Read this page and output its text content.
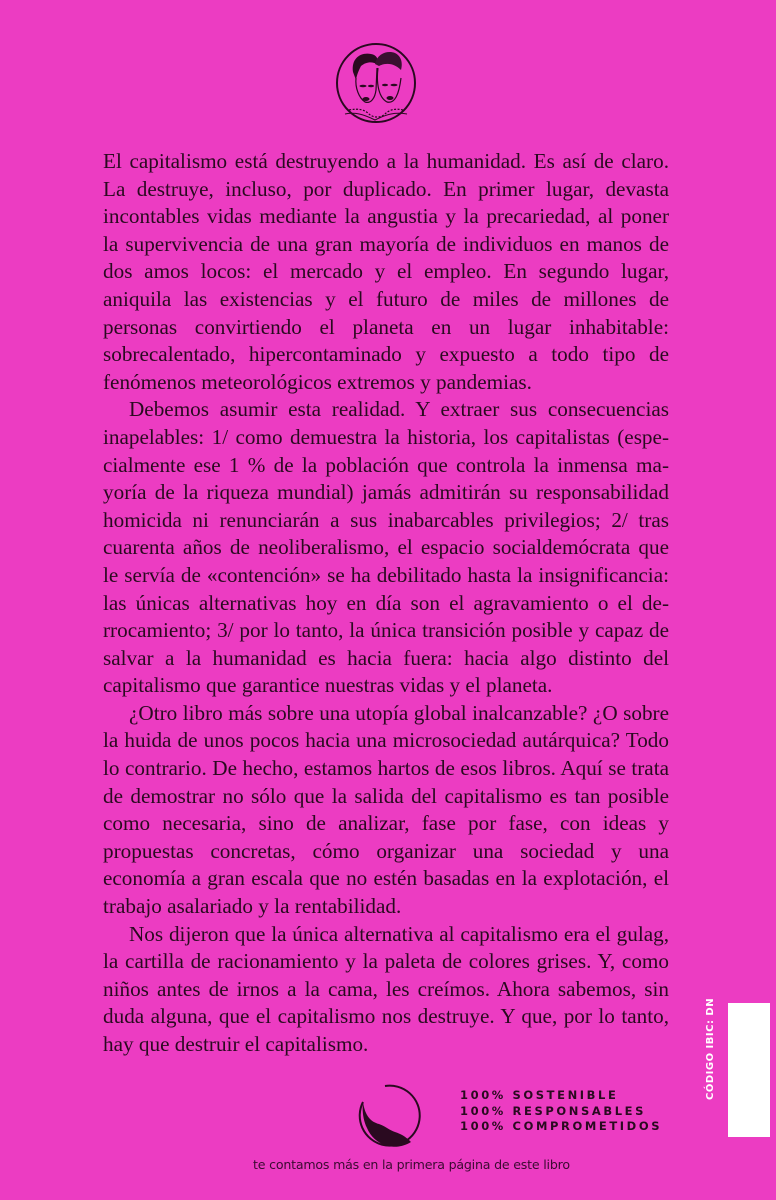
El capitalismo está destruyendo a la humanidad. Es así de claro. La destruye, incluso, por duplicado. En primer lugar, devasta incontables vidas mediante la angustia y la precariedad, al poner la supervivencia de una gran mayoría de individuos en manos de dos amos locos: el mercado y el empleo. En segundo lugar, aniquila las existencias y el futuro de miles de millones de personas convirtiendo el planeta en un lugar inhabitable: sobrecalentado, hipercontaminado y expuesto a todo tipo de fenómenos meteorológicos extremos y pandemias.

Debemos asumir esta realidad. Y extraer sus consecuencias inapelables: 1/ como demuestra la historia, los capitalistas (especialmente ese 1 % de la población que controla la inmensa mayoría de la riqueza mundial) jamás admitirán su responsabilidad homicida ni renunciarán a sus inabarcables privilegios; 2/ tras cuarenta años de neoliberalismo, el espacio socialdemócrata que le servía de «contención» se ha debilitado hasta la insignificancia: las únicas alternativas hoy en día son el agravamiento o el derrocamiento; 3/ por lo tanto, la única transición posible y capaz de salvar a la humanidad es hacia fuera: hacia algo distinto del capitalismo que garantice nuestras vidas y el planeta.

¿Otro libro más sobre una utopía global inalcanzable? ¿O sobre la huida de unos pocos hacia una microsociedad autárquica? Todo lo contrario. De hecho, estamos hartos de esos libros. Aquí se trata de demostrar no sólo que la salida del capitalismo es tan posible como necesaria, sino de analizar, fase por fase, con ideas y propuestas concretas, cómo organizar una sociedad y una economía a gran escala que no estén basadas en la explotación, el trabajo asalariado y la rentabilidad.

Nos dijeron que la única alternativa al capitalismo era el gulag, la cartilla de racionamiento y la paleta de colores grises. Y, como niños antes de irnos a la cama, les creímos. Ahora sabemos, sin duda alguna, que el capitalismo nos destruye. Y que, por lo tanto, hay que destruir el capitalismo.

100% SOSTENIBLE
100% RESPONSABLES
100% COMPROMETIDOS
te contamos más en la primera página de este libro
CÓDIGO IBIC: DN
